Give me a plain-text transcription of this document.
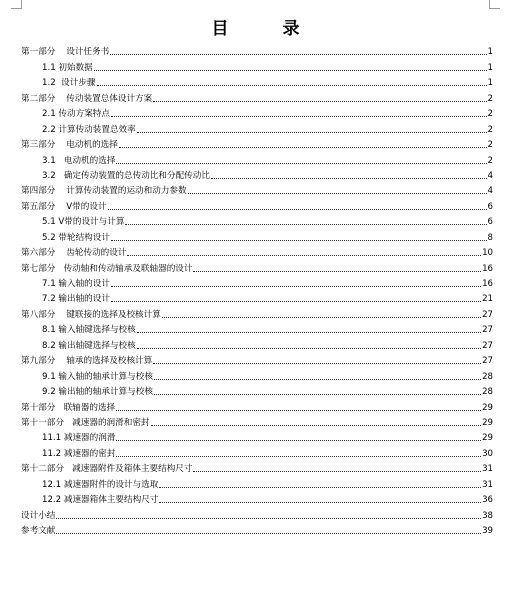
目 录
第一部分    设计任务书	1
1.1 初始数据	1
1.2  设计步骤	1
第二部分    传动装置总体设计方案	2
2.1 传动方案特点	2
2.2 计算传动装置总效率	2
第三部分    电动机的选择	2
3.1   电动机的选择	2
3.2   确定传动装置的总传动比和分配传动比	4
第四部分    计算传动装置的运动和动力参数	4
第五部分    V带的设计	6
5.1 V带的设计与计算	6
5.2 带轮结构设计	8
第六部分    齿轮传动的设计	10
第七部分   传动轴和传动轴承及联轴器的设计	16
7.1 输入轴的设计	16
7.2 输出轴的设计	21
第八部分    键联接的选择及校核计算	27
8.1 输入轴键选择与校核	27
8.2 输出轴键选择与校核	27
第九部分    轴承的选择及校核计算	27
9.1 输入轴的轴承计算与校核	28
9.2 输出轴的轴承计算与校核	28
第十部分   联轴器的选择	29
第十一部分   减速器的润滑和密封	29
11.1 减速器的润滑	29
11.2 减速器的密封	30
第十二部分   减速器附件及箱体主要结构尺寸	31
12.1 减速器附件的设计与选取	31
12.2 减速器箱体主要结构尺寸	36
设计小结	38
参考文献	39
